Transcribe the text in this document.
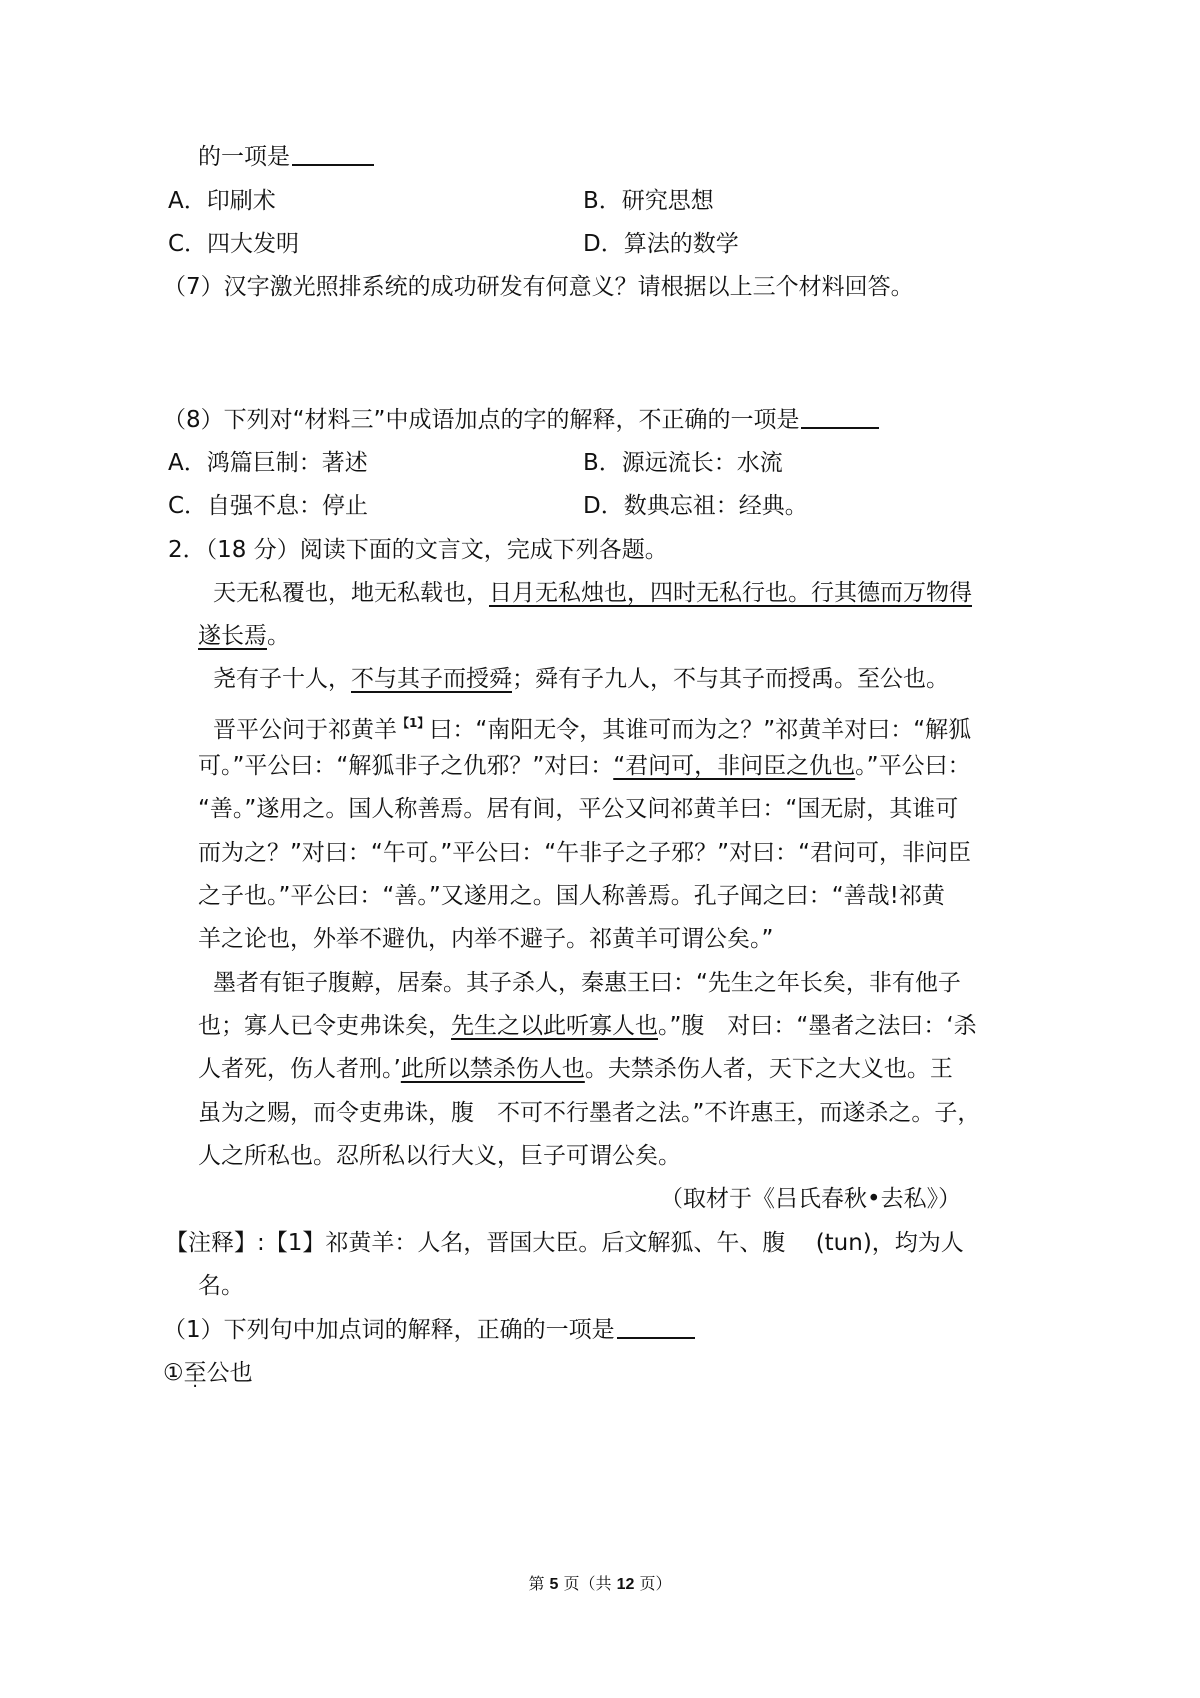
的一项是
A．印刷术	B．研究思想
C．四大发明	D．算法的数学
（7）汉字激光照排系统的成功研发有何意义？请根据以上三个材料回答。
（8）下列对“材料三”中成语加点的字的解释，不正确的一项是
A．鸿篇巨制：著述	B．源远流长：水流
C．自强不息：停止	D．数典忘祖：经典。
2．（18 分）阅读下面的文言文，完成下列各题。
天无私覆也，地无私载也，日月无私烛也，四时无私行也。行其德而万物得
遂长焉。
尧有子十人，不与其子而授舜；舜有子九人，不与其子而授禹。至公也。
晋平公问于祁黄羊$^{【1】}$曰：“南阳无令，其谁可而为之？”祁黄羊对曰：“解狐
可。”平公曰：“解狐非子之仇邪？”对曰：“君问可，非问臣之仇也。”平公曰：
“善。”遂用之。国人称善焉。居有间，平公又问祁黄羊曰：“国无尉，其谁可
而为之？”对曰：“午可。”平公曰：“午非子之子邪？”对曰：“君问可，非问臣
之子也。”平公曰：“善。”又遂用之。国人称善焉。孔子闻之曰：“善哉!祁黄
羊之论也，外举不避仇，内举不避子。祁黄羊可谓公矣。”
墨者有钜子腹䵍，居秦。其子杀人，秦惠王曰：“先生之年长矣，非有他子
也；寡人已令吏弗诛矣，先生之以此听寡人也。”腹　对曰：“墨者之法曰：‘杀
人者死，伤人者刑。’此所以禁杀伤人也。夫禁杀伤人者，天下之大义也。王
虽为之赐，而令吏弗诛，腹　不可不行墨者之法。”不许惠王，而遂杀之。子，
人之所私也。忍所私以行大义，巨子可谓公矣。
（取材于《吕氏春秋•去私》）
【注释】:【1】祁黄羊：人名，晋国大臣。后文解狐、午、腹　 (tun)，均为人
名。
（1）下列句中加点词的解释，正确的一项是
①至公也
第 5 页（共 12 页）
